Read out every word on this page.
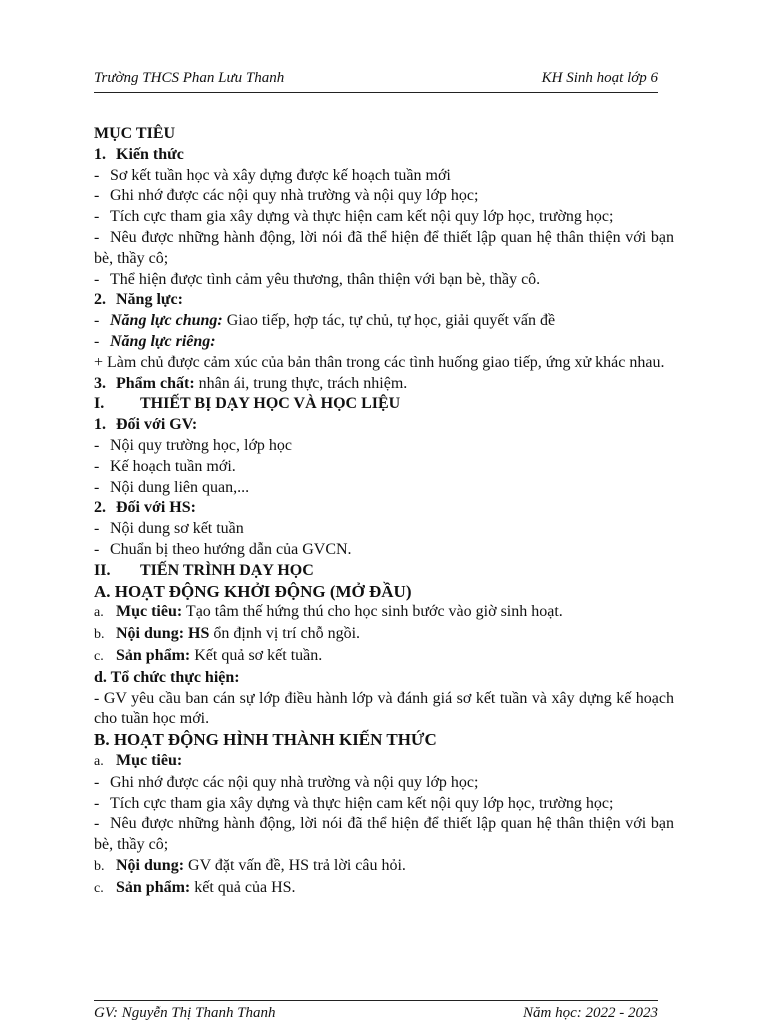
Trường THCS Phan Lưu Thanh	KH Sinh hoạt lớp 6
MỤC TIÊU
1. Kiến thức
- Sơ kết tuần học và xây dựng được kế hoạch tuần mới
- Ghi nhớ được các nội quy nhà trường và nội quy lớp học;
- Tích cực tham gia xây dựng và thực hiện cam kết nội quy lớp học, trường học;
- Nêu được những hành động, lời nói đã thể hiện để thiết lập quan hệ thân thiện với bạn bè, thầy cô;
- Thể hiện được tình cảm yêu thương, thân thiện với bạn bè, thầy cô.
2. Năng lực:
- Năng lực chung: Giao tiếp, hợp tác, tự chủ, tự học, giải quyết vấn đề
- Năng lực riêng:
+ Làm chủ được cảm xúc của bản thân trong các tình huống giao tiếp, ứng xử khác nhau.
3. Phẩm chất: nhân ái, trung thực, trách nhiệm.
I. THIẾT BỊ DẠY HỌC VÀ HỌC LIỆU
1. Đối với GV:
- Nội quy trường học, lớp học
- Kế hoạch tuần mới.
- Nội dung liên quan,...
2. Đối với HS:
- Nội dung sơ kết tuần
- Chuẩn bị theo hướng dẫn của GVCN.
II. TIẾN TRÌNH DẠY HỌC
A. HOẠT ĐỘNG KHỞI ĐỘNG (MỞ ĐẦU)
a. Mục tiêu: Tạo tâm thế hứng thú cho học sinh bước vào giờ sinh hoạt.
b. Nội dung: HS ổn định vị trí chỗ ngồi.
c. Sản phẩm: Kết quả sơ kết tuần.
d. Tổ chức thực hiện:
- GV yêu cầu ban cán sự lớp điều hành lớp và đánh giá sơ kết tuần và xây dựng kế hoạch cho tuần học mới.
B. HOẠT ĐỘNG HÌNH THÀNH KIẾN THỨC
a. Mục tiêu:
- Ghi nhớ được các nội quy nhà trường và nội quy lớp học;
- Tích cực tham gia xây dựng và thực hiện cam kết nội quy lớp học, trường học;
- Nêu được những hành động, lời nói đã thể hiện để thiết lập quan hệ thân thiện với bạn bè, thầy cô;
b. Nội dung: GV đặt vấn đề, HS trả lời câu hỏi.
c. Sản phẩm: kết quả của HS.
GV: Nguyễn Thị Thanh Thanh	Năm học: 2022 - 2023
